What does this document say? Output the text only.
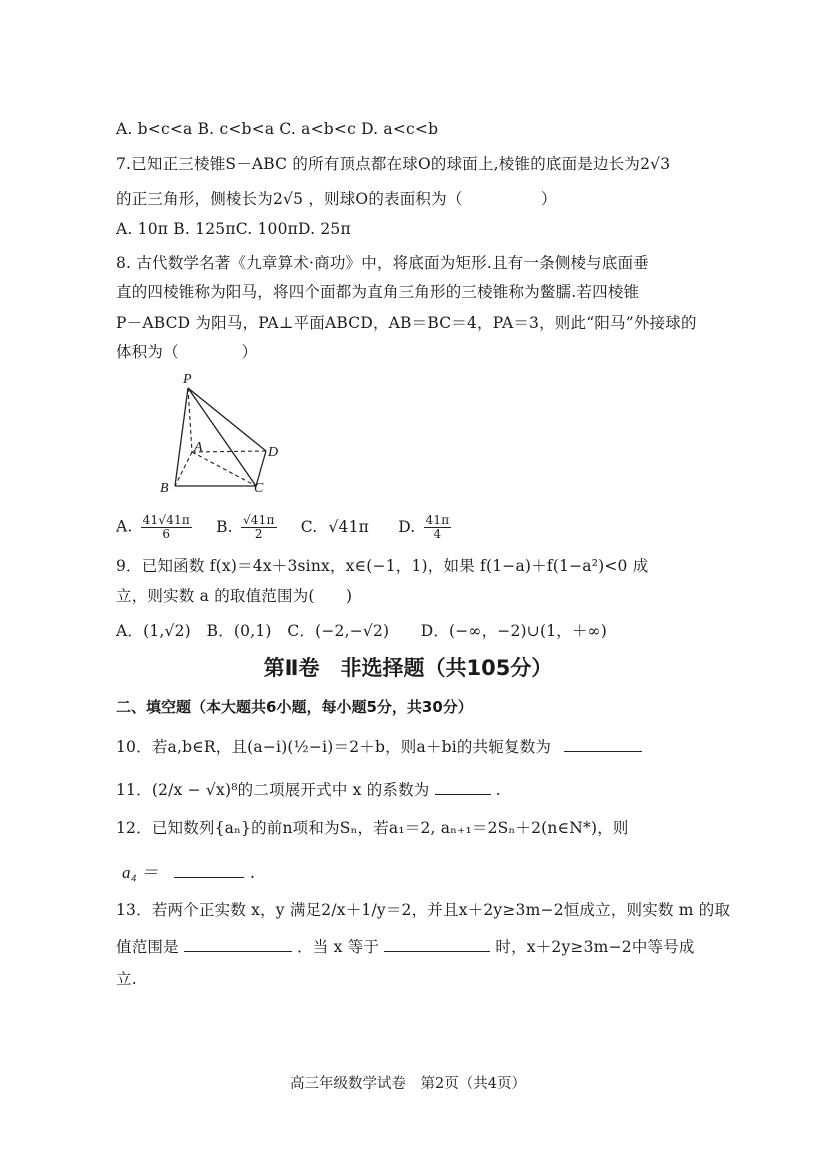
A. b<c<a B. c<b<a C. a<b<c D. a<c<b
7.已知正三棱锥S－ABC 的所有顶点都在球O的球面上,棱锥的底面是边长为2√3
的正三角形，侧棱长为2√5 ，则球O的表面积为（　　　　　）
A. 10π B. 125πC. 100πD. 25π
8. 古代数学名著《九章算术·商功》中，将底面为矩形.且有一条侧棱与底面垂
直的四棱锥称为阳马，将四个面都为直角三角形的三棱锥称为鳖臑.若四棱锥
P－ABCD 为阳马，PA⊥平面ABCD，AB＝BC＝4，PA＝3，则此“阳马”外接球的
体积为（　　　　）
P
A
B	C
D
A. $\frac{41√41\pi}{6} B$. $\frac{√41\pi}{2} C$. √41π D. $\frac{41\pi}{4}$
9．已知函数 f(x)＝4x＋3sinx，x∈(−1，1)，如果 f(1−a)＋f(1−a²)<0 成
立，则实数 a 的取值范围为(　　)
A．(1,√2)　B．(0,1)　C．(−2,−√2)　　D．(−∞，−2)∪(1，＋∞)
第Ⅱ卷　非选择题（共105分）
二、填空题（本大题共6小题，每小题5分，共30分）
10．若a,b∈R，且(a−i)(½−i)＝2＋b，则a＋bi的共轭复数为
11．(2/x − √x)⁸的二项展开式中 x 的系数为	.
12．已知数列{aₙ}的前n项和为Sₙ，若a₁＝2, aₙ₊₁＝2Sₙ＋2(n∈N*)，则
a₄ ＝	.
13．若两个正实数 x，y 满足2/x＋1/y＝2，并且x＋2y≥3m−2恒成立，则实数 m 的取
值范围是	．当 x 等于	时，x＋2y≥3m−2中等号成
立.
高三年级数学试卷　第2页（共4页）
